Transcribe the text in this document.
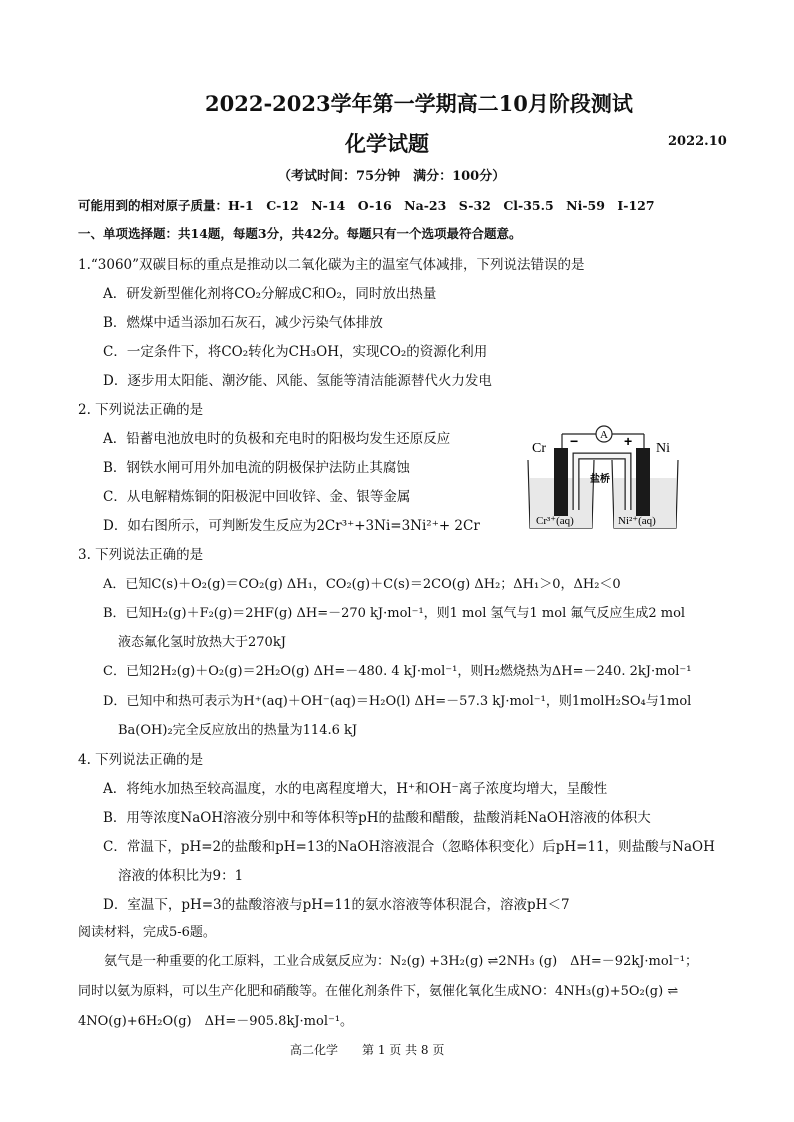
2022-2023学年第一学期高二10月阶段测试
化学试题	2022.10
（考试时间：75分钟　满分：100分）
可能用到的相对原子质量：H-1　C-12　N-14　O-16　Na-23　S-32　Cl-35.5　Ni-59　I-127
一、单项选择题：共14题，每题3分，共42分。每题只有一个选项最符合题意。
1.“3060”双碳目标的重点是推动以二氧化碳为主的温室气体减排，下列说法错误的是
A．研发新型催化剂将CO₂分解成C和O₂，同时放出热量
B．燃煤中适当添加石灰石，减少污染气体排放
C．一定条件下，将CO₂转化为CH₃OH，实现CO₂的资源化利用
D．逐步用太阳能、潮汐能、风能、氢能等清洁能源替代火力发电
2. 下列说法正确的是
A．铅蓄电池放电时的负极和充电时的阳极均发生还原反应
B．钢铁水闸可用外加电流的阴极保护法防止其腐蚀
C．从电解精炼铜的阳极泥中回收锌、金、银等金属
D．如右图所示，可判断发生反应为2Cr³⁺+3Ni=3Ni²⁺+ 2Cr
Cr	Ni
A
−	+
盐桥
Cr³⁺(aq)	Ni²⁺(aq)
3. 下列说法正确的是
A．已知C(s)＋O₂(g)＝CO₂(g) ΔH₁，CO₂(g)＋C(s)＝2CO(g) ΔH₂；ΔH₁＞0，ΔH₂＜0
B．已知H₂(g)＋F₂(g)＝2HF(g) ΔH=－270 kJ·mol⁻¹，则1 mol 氢气与1 mol 氟气反应生成2 mol
液态氟化氢时放热大于270kJ
C．已知2H₂(g)＋O₂(g)＝2H₂O(g) ΔH=－480. 4 kJ·mol⁻¹，则H₂燃烧热为ΔH=－240. 2kJ·mol⁻¹
D．已知中和热可表示为H⁺(aq)＋OH⁻(aq)＝H₂O(l) ΔH=－57.3 kJ·mol⁻¹，则1molH₂SO₄与1mol
Ba(OH)₂完全反应放出的热量为114.6 kJ
4. 下列说法正确的是
A．将纯水加热至较高温度，水的电离程度增大，H⁺和OH⁻离子浓度均增大，呈酸性
B．用等浓度NaOH溶液分别中和等体积等pH的盐酸和醋酸，盐酸消耗NaOH溶液的体积大
C．常温下，pH=2的盐酸和pH=13的NaOH溶液混合（忽略体积变化）后pH=11，则盐酸与NaOH
溶液的体积比为9：1
D．室温下，pH=3的盐酸溶液与pH=11的氨水溶液等体积混合，溶液pH＜7
阅读材料，完成5-6题。
氨气是一种重要的化工原料，工业合成氨反应为：N₂(g) +3H₂(g) ⇌2NH₃ (g)　ΔH=－92kJ·mol⁻¹；
同时以氨为原料，可以生产化肥和硝酸等。在催化剂条件下，氨催化氧化生成NO：4NH₃(g)+5O₂(g) ⇌
4NO(g)+6H₂O(g)　ΔH=－905.8kJ·mol⁻¹。
高二化学　　第 1 页 共 8 页
